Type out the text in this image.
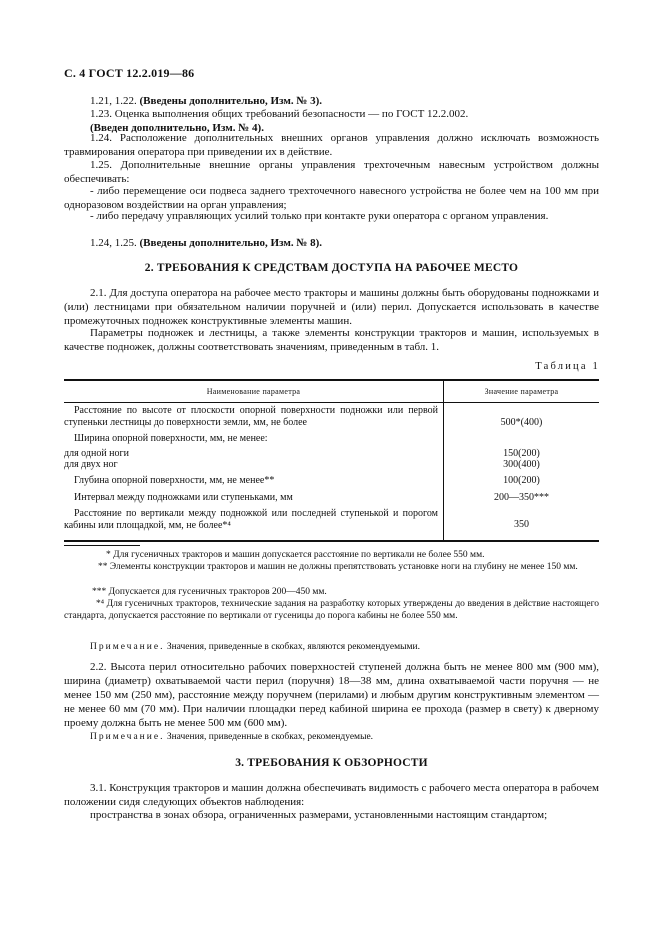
С. 4 ГОСТ 12.2.019—86
1.21, 1.22. (Введены дополнительно, Изм. № 3).
1.23. Оценка выполнения общих требований безопасности — по ГОСТ 12.2.002.
(Введен дополнительно, Изм. № 4).
1.24. Расположение дополнительных внешних органов управления должно исключать возможность травмирования оператора при приведении их в действие.
1.25. Дополнительные внешние органы управления трехточечным навесным устройством должны обеспечивать:
- либо перемещение оси подвеса заднего трехточечного навесного устройства не более чем на 100 мм при одноразовом воздействии на орган управления;
- либо передачу управляющих усилий только при контакте руки оператора с органом управления.
1.24, 1.25. (Введены дополнительно, Изм. № 8).
2. ТРЕБОВАНИЯ К СРЕДСТВАМ ДОСТУПА НА РАБОЧЕЕ МЕСТО
2.1. Для доступа оператора на рабочее место тракторы и машины должны быть оборудованы подножками и (или) лестницами при обязательном наличии поручней и (или) перил. Допускается использовать в качестве промежуточных подножек конструктивные элементы машин.
Параметры подножек и лестницы, а также элементы конструкции тракторов и машин, используемых в качестве подножек, должны соответствовать значениям, приведенным в табл. 1.
Таблица 1
Наименование параметра	Значение параметра
Расстояние по высоте от плоскости опорной поверхности подножки или первой ступеньки лестницы до поверхности земли, мм, не более	500*(400)
Ширина опорной поверхности, мм, не менее:
для одной ноги	150(200)
для двух ног	300(400)
Глубина опорной поверхности, мм, не менее**	100(200)
Интервал между подножками или ступеньками, мм	200—350***
Расстояние по вертикали между подножкой или последней ступенькой и порогом кабины или площадкой, мм, не более*⁴	350
* Для гусеничных тракторов и машин допускается расстояние по вертикали не более 550 мм.
** Элементы конструкции тракторов и машин не должны препятствовать установке ноги на глубину не менее 150 мм.
*** Допускается для гусеничных тракторов 200—450 мм.
*⁴ Для гусеничных тракторов, технические задания на разработку которых утверждены до введения в действие настоящего стандарта, допускается расстояние по вертикали от гусеницы до порога кабины не более 550 мм.
Примечание. Значения, приведенные в скобках, являются рекомендуемыми.
2.2. Высота перил относительно рабочих поверхностей ступеней должна быть не менее 800 мм (900 мм), ширина (диаметр) охватываемой части перил (поручня) 18—38 мм, длина охватываемой части поручня — не менее 150 мм (250 мм), расстояние между поручнем (перилами) и любым другим конструктивным элементом — не менее 60 мм (70 мм). При наличии площадки перед кабиной ширина ее прохода (размер в свету) к дверному проему должна быть не менее 500 мм (600 мм).
Примечание. Значения, приведенные в скобках, рекомендуемые.
3. ТРЕБОВАНИЯ К ОБЗОРНОСТИ
3.1. Конструкция тракторов и машин должна обеспечивать видимость с рабочего места оператора в рабочем положении сидя следующих объектов наблюдения:
пространства в зонах обзора, ограниченных размерами, установленными настоящим стандартом;
